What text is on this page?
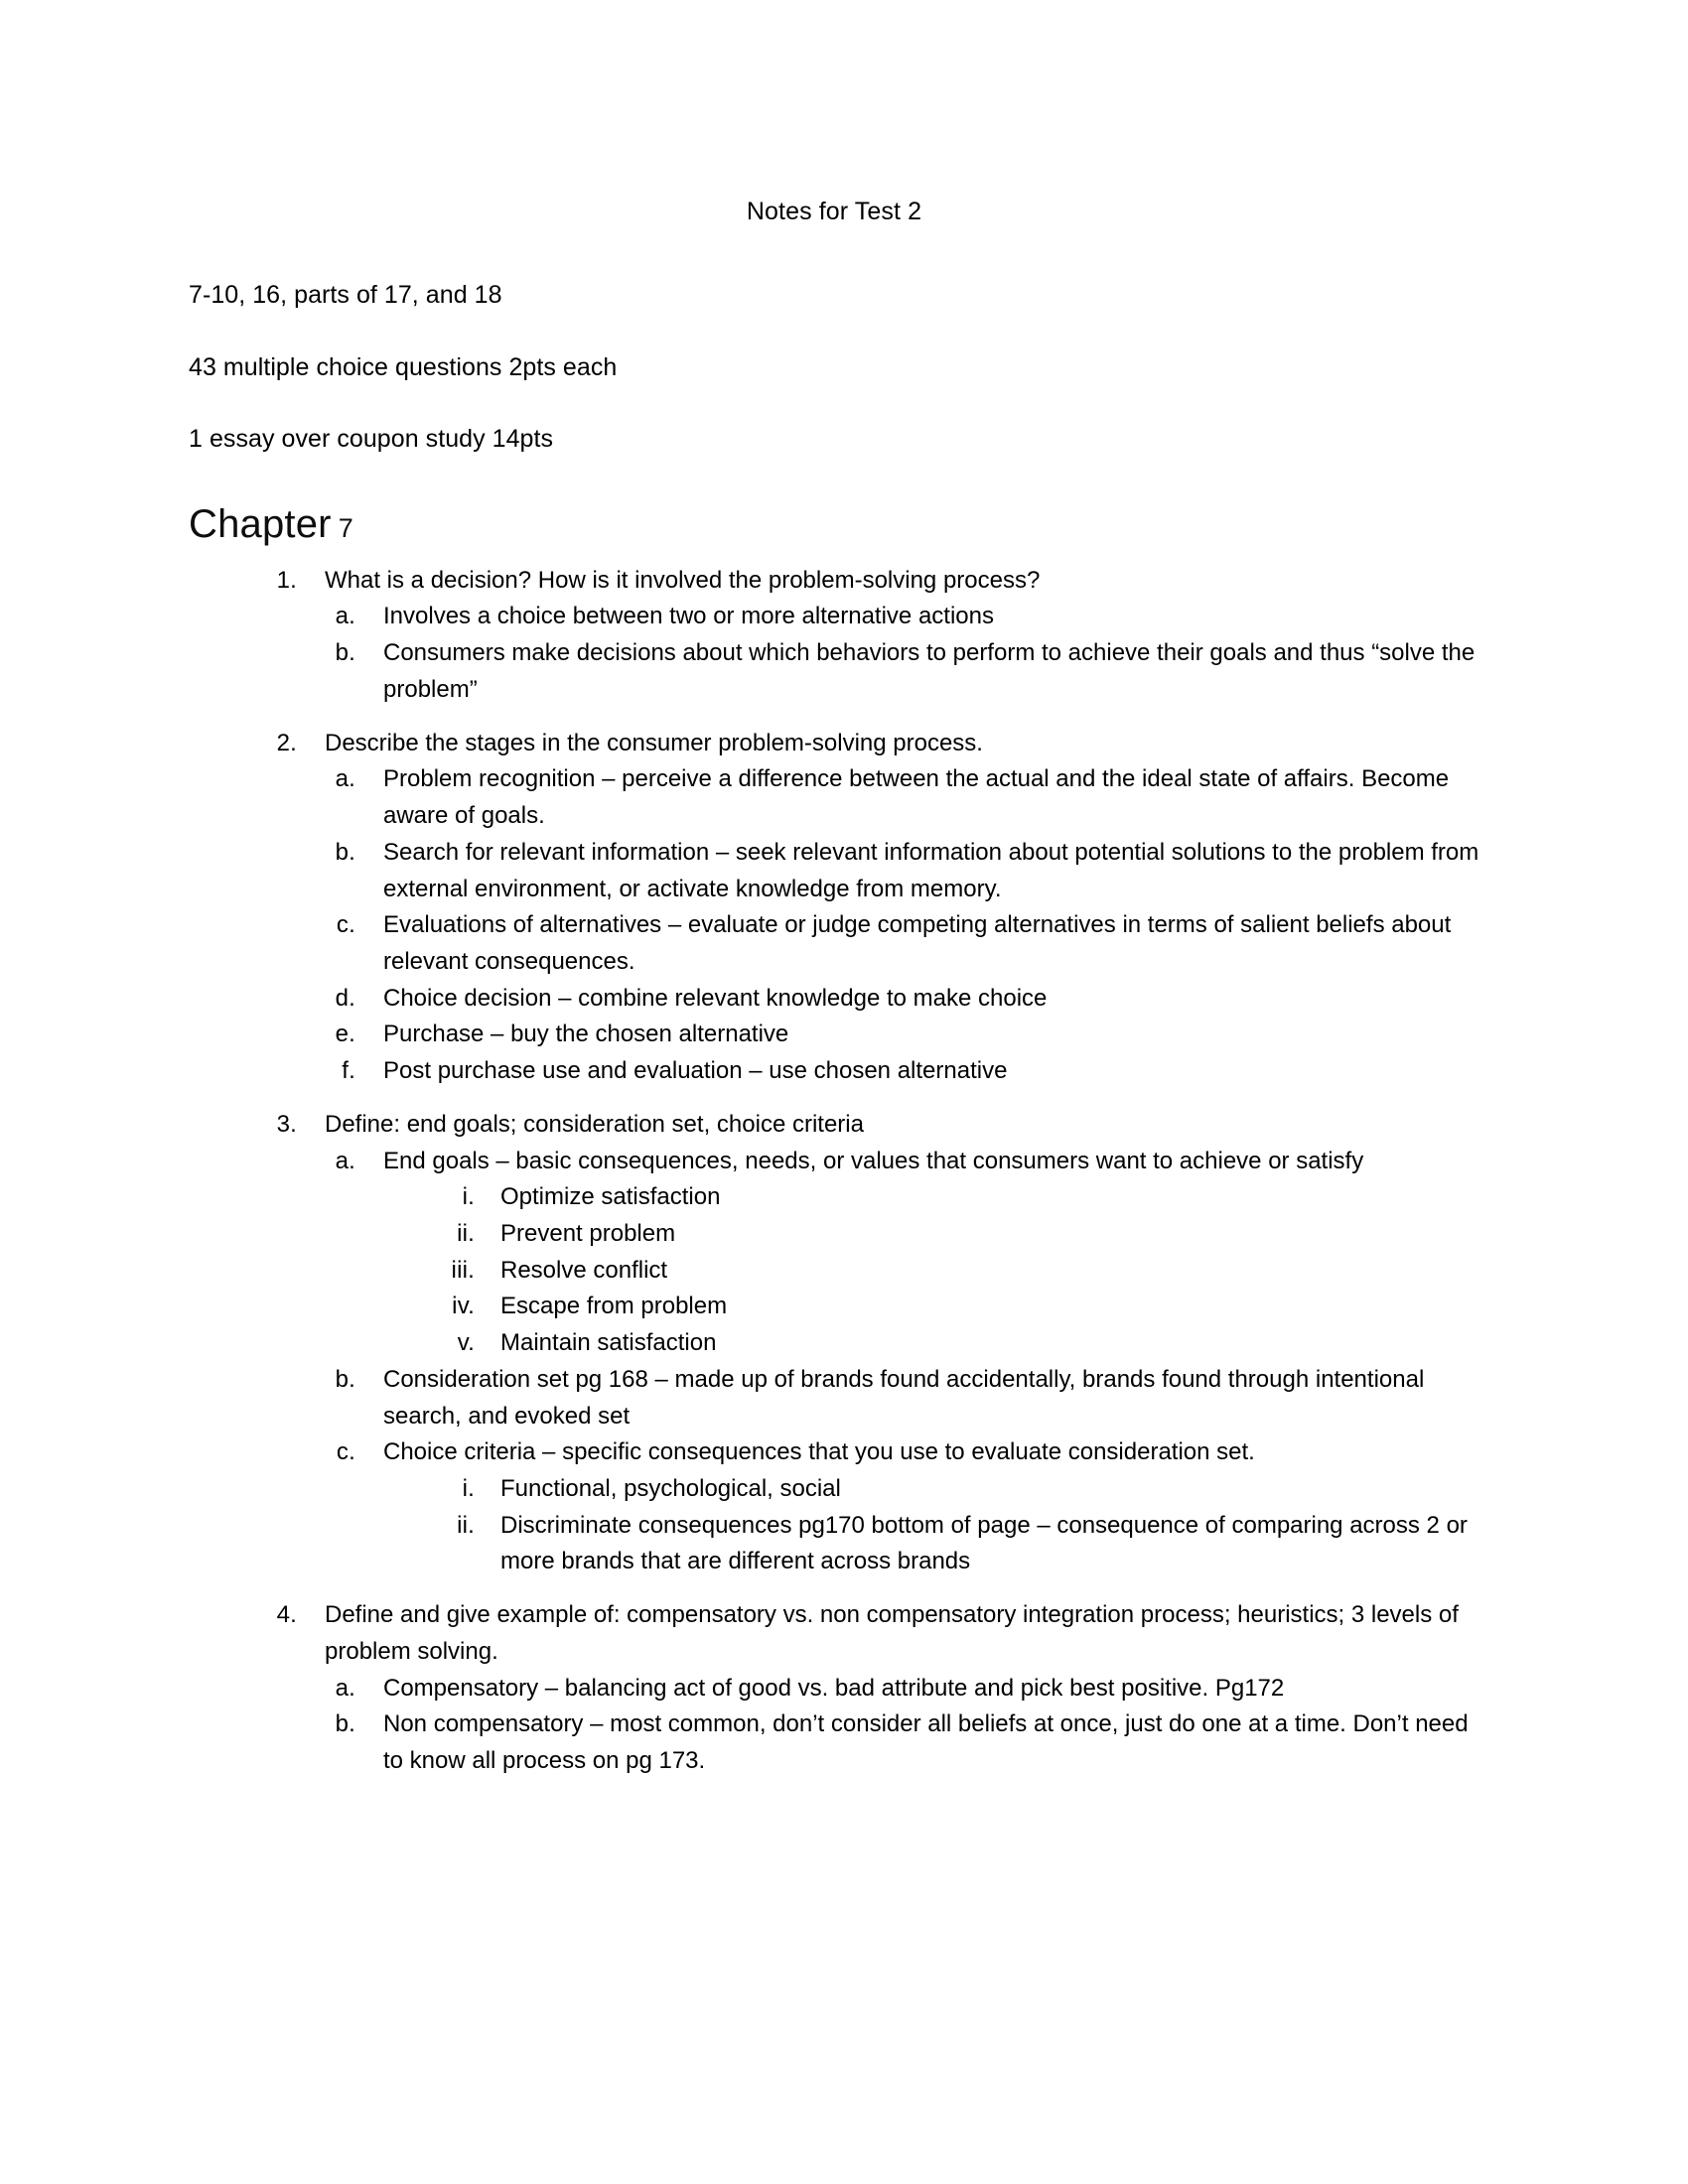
Notes for Test 2
7-10, 16, parts of 17, and 18
43 multiple choice questions 2pts each
1 essay over coupon study 14pts
Chapter 7
1.	What is a decision? How is it involved the problem-solving process?
a.	Involves a choice between two or more alternative actions
b.	Consumers make decisions about which behaviors to perform to achieve their goals and thus “solve the problem”
2.	Describe the stages in the consumer problem-solving process.
a.	Problem recognition – perceive a difference between the actual and the ideal state of affairs. Become aware of goals.
b.	Search for relevant information – seek relevant information about potential solutions to the problem from external environment, or activate knowledge from memory.
c.	Evaluations of alternatives – evaluate or judge competing alternatives in terms of salient beliefs about relevant consequences.
d.	Choice decision – combine relevant knowledge to make choice
e.	Purchase – buy the chosen alternative
f.	Post purchase use and evaluation – use chosen alternative
3.	Define: end goals; consideration set, choice criteria
a.	End goals – basic consequences, needs, or values that consumers want to achieve or satisfy
i.	Optimize satisfaction
ii.	Prevent problem
iii.	Resolve conflict
iv.	Escape from problem
v.	Maintain satisfaction
b.	Consideration set pg 168 – made up of brands found accidentally, brands found through intentional search, and evoked set
c.	Choice criteria – specific consequences that you use to evaluate consideration set.
i.	Functional, psychological, social
ii.	Discriminate consequences pg170 bottom of page – consequence of comparing across 2 or more brands that are different across brands
4.	Define and give example of: compensatory vs. non compensatory integration process; heuristics; 3 levels of problem solving.
a.	Compensatory – balancing act of good vs. bad attribute and pick best positive. Pg172
b.	Non compensatory – most common, don’t consider all beliefs at once, just do one at a time. Don’t need to know all process on pg 173.
